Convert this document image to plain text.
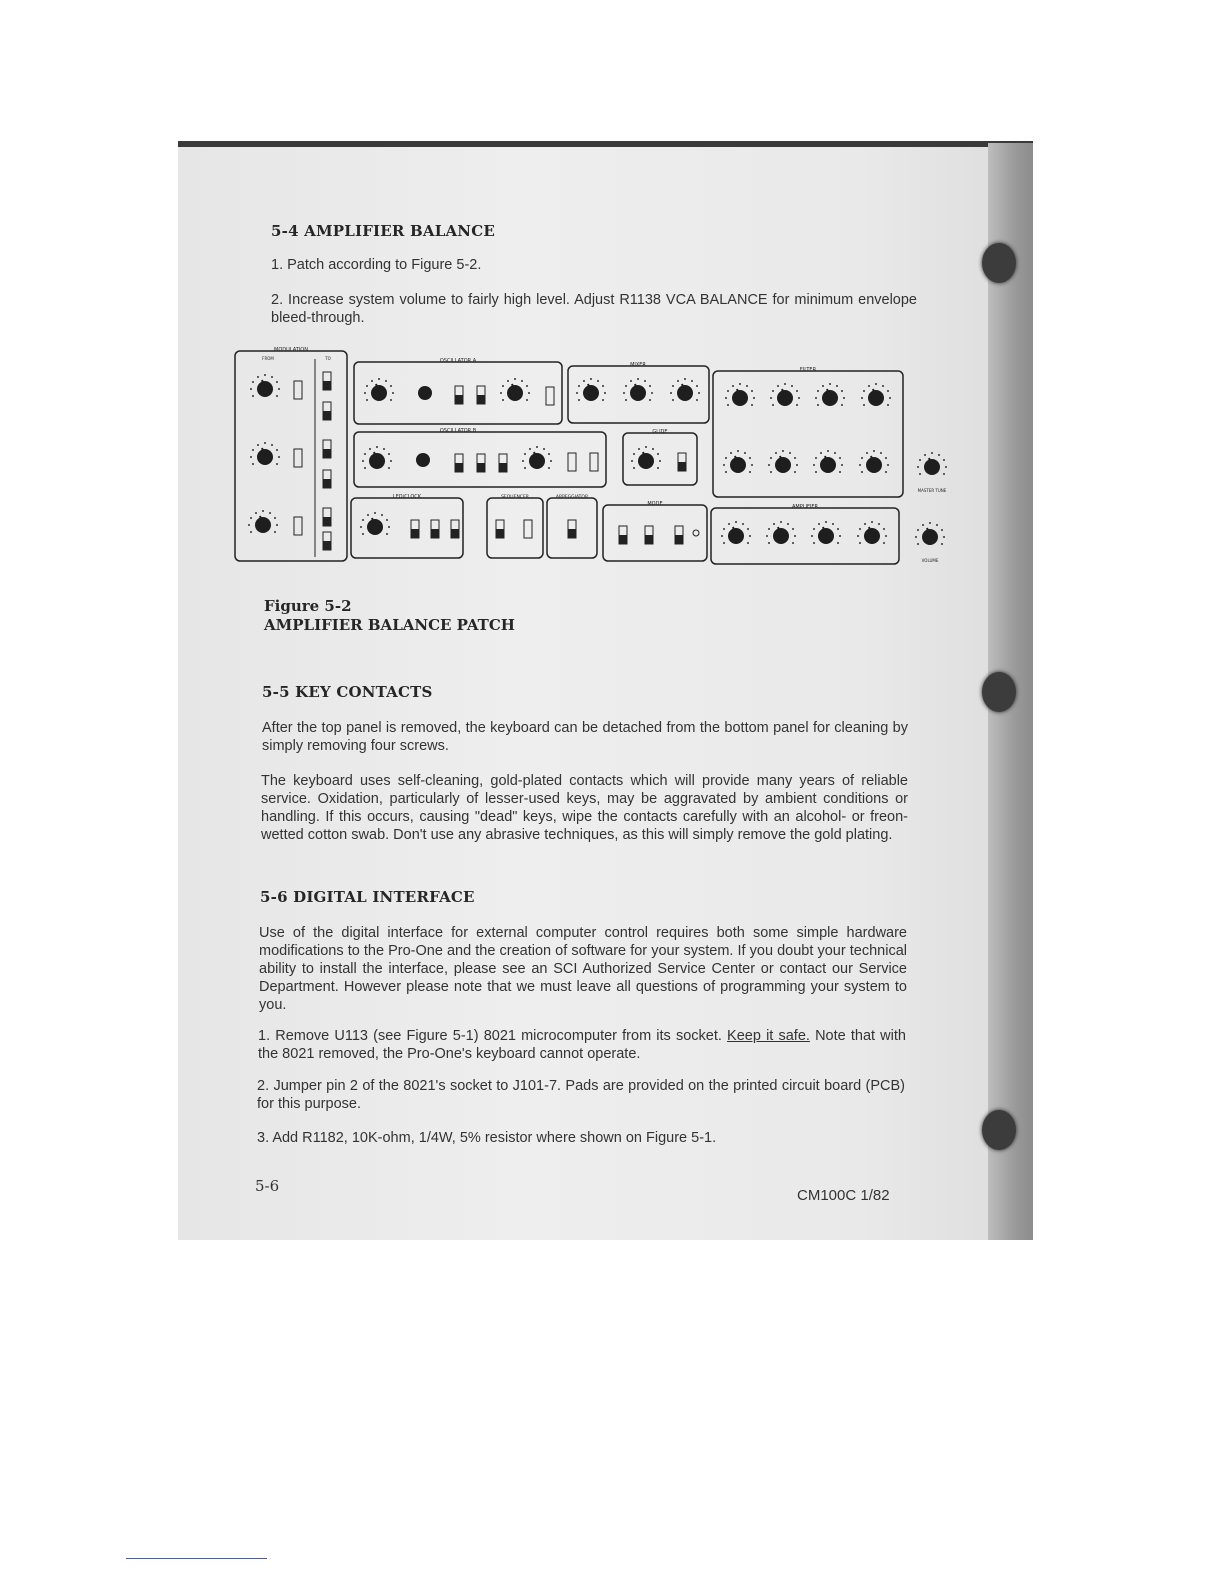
5-4 AMPLIFIER BALANCE
1. Patch according to Figure 5-2.
2. Increase system volume to fairly high level. Adjust R1138 VCA BALANCE for minimum envelope bleed-through.
MODULATION
FROM	TO	OSCILLATOR A
OSCILLATOR B
LFO/CLOCK
MIXER
GLIDE
SEQUENCER	ARPEGGIATOR
MODE
FILTER
AMPLIFIER
MASTER TUNE
VOLUME
Figure 5-2
AMPLIFIER BALANCE PATCH
5-5 KEY CONTACTS
After the top panel is removed, the keyboard can be detached from the bottom panel for cleaning by simply removing four screws.
The keyboard uses self-cleaning, gold-plated contacts which will provide many years of reliable service. Oxidation, particularly of lesser-used keys, may be aggravated by ambient conditions or handling. If this occurs, causing "dead" keys, wipe the contacts carefully with an alcohol- or freon-wetted cotton swab. Don't use any abrasive techniques, as this will simply remove the gold plating.
5-6 DIGITAL INTERFACE
Use of the digital interface for external computer control requires both some simple hardware modifications to the Pro-One and the creation of software for your system. If you doubt your technical ability to install the interface, please see an SCI Authorized Service Center or contact our Service Department. However please note that we must leave all questions of programming your system to you.
1. Remove U113 (see Figure 5-1) 8021 microcomputer from its socket. Keep it safe. Note that with the 8021 removed, the Pro-One's keyboard cannot operate.
2. Jumper pin 2 of the 8021's socket to J101-7. Pads are provided on the printed circuit board (PCB) for this purpose.
3. Add R1182, 10K-ohm, 1/4W, 5% resistor where shown on Figure 5-1.
5-6
CM100C 1/82
